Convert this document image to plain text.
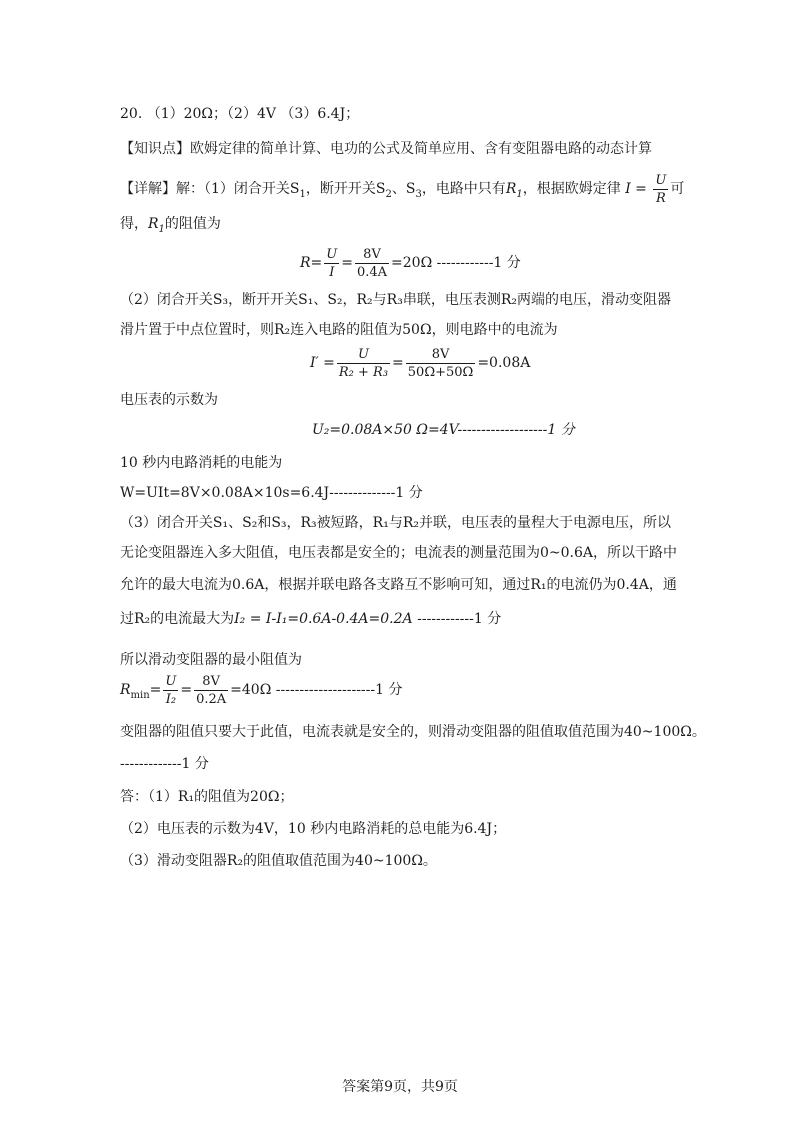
20. （1）20Ω；（2）4V （3）6.4J；
【知识点】欧姆定律的简单计算、电功的公式及简单应用、含有变阻器电路的动态计算
【详解】解：（1）闭合开关$S_1$，断开开关$S_2$、$S_3$，电路中只有$R_1$，根据欧姆定律 $I = \frac{U}{R}$ 可
得，$R_1$的阻值为
$R= \frac{U}{I} = \frac{8V}{0.4A} =20\Omega$ ------------1 分
（2）闭合开关S₃，断开开关S₁、S₂，R₂与R₃串联，电压表测R₂两端的电压，滑动变阻器
滑片置于中点位置时，则R₂连入电路的阻值为50Ω，则电路中的电流为
$I' = \frac{U}{\text{R₂ + R₃}} = \frac{8V}{50\Omega+50\Omega} =0.08A$
电压表的示数为
U₂=0.08A×50 Ω=4V-------------------1 分
10 秒内电路消耗的电能为
W=UIt=8V×0.08A×10s=6.4J--------------1 分
（3）闭合开关S₁、S₂和S₃，R₃被短路，R₁与R₂并联，电压表的量程大于电源电压，所以
无论变阻器连入多大阻值，电压表都是安全的；电流表的测量范围为0~0.6A，所以干路中
允许的最大电流为0.6A，根据并联电路各支路互不影响可知，通过R₁的电流仍为0.4A，通
过R₂的电流最大为I₂ = I-I₁=0.6A-0.4A=0.2A ------------1 分
所以滑动变阻器的最小阻值为
$R_{min}= \frac{U}{\text{I₂}} = \frac{8V}{0.2A} =40\Omega$ ---------------------1 分
变阻器的阻值只要大于此值，电流表就是安全的，则滑动变阻器的阻值取值范围为40~100Ω。
-------------1 分
答：（1）R₁的阻值为20Ω；
（2）电压表的示数为4V，10 秒内电路消耗的总电能为6.4J；
（3）滑动变阻器R₂的阻值取值范围为40~100Ω。
答案第9页，共9页
